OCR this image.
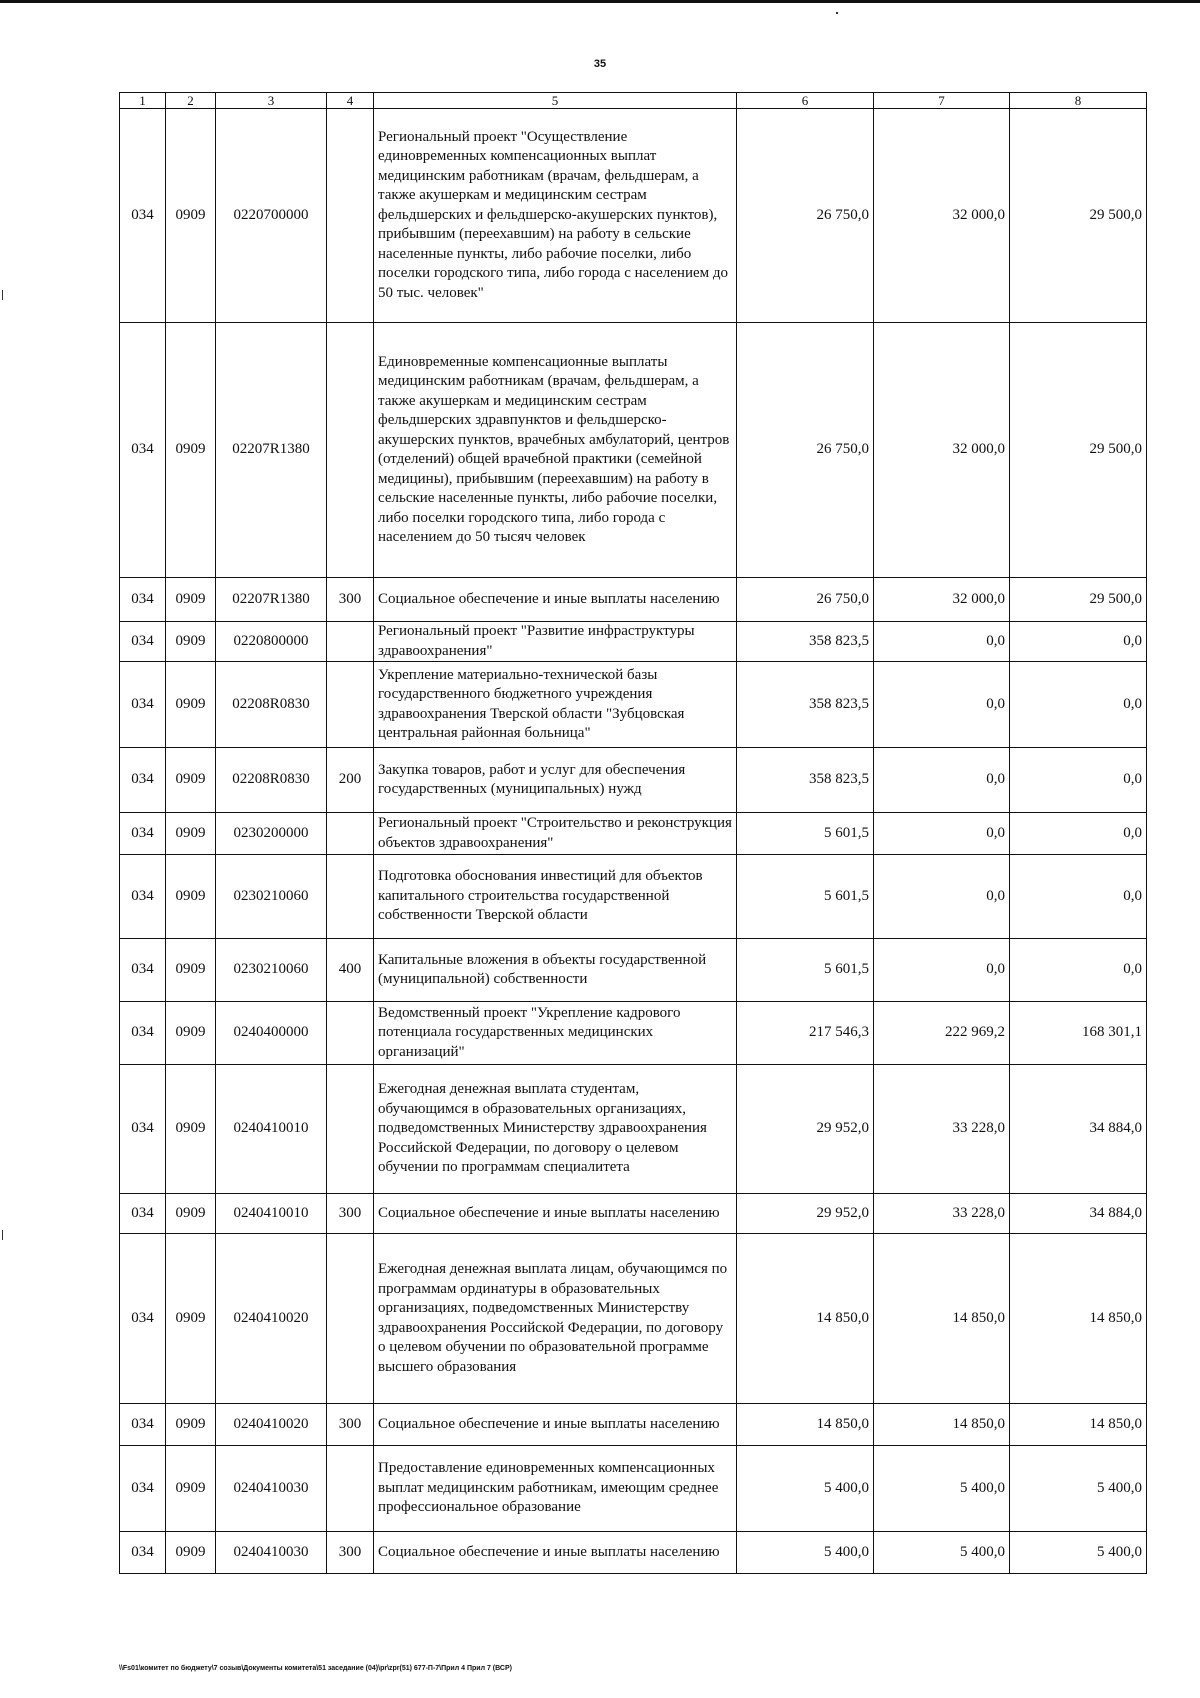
35
1	2	3	4	5	6	7	8
034	0909	0220700000		Региональный проект "Осуществление единовременных компенсационных выплат медицинским работникам (врачам, фельдшерам, а также акушеркам и медицинским сестрам фельдшерских и фельдшерско-акушерских пунктов), прибывшим (переехавшим) на работу в сельские населенные пункты, либо рабочие поселки, либо поселки городского типа, либо города с населением до 50 тыс. человек"	26 750,0	32 000,0	29 500,0
034	0909	02207R1380		Единовременные компенсационные выплаты медицинским работникам (врачам, фельдшерам, а также акушеркам и медицинским сестрам фельдшерских здравпунктов и фельдшерско-акушерских пунктов, врачебных амбулаторий, центров (отделений) общей врачебной практики (семейной медицины), прибывшим (переехавшим) на работу в сельские населенные пункты, либо рабочие поселки, либо поселки городского типа, либо города с населением до 50 тысяч человек	26 750,0	32 000,0	29 500,0
034	0909	02207R1380	300	Социальное обеспечение и иные выплаты населению	26 750,0	32 000,0	29 500,0
034	0909	0220800000		Региональный проект "Развитие инфраструктуры здравоохранения"	358 823,5	0,0	0,0
034	0909	02208R0830		Укрепление материально-технической базы государственного бюджетного учреждения здравоохранения Тверской области "Зубцовская центральная районная больница"	358 823,5	0,0	0,0
034	0909	02208R0830	200	Закупка товаров, работ и услуг для обеспечения государственных (муниципальных) нужд	358 823,5	0,0	0,0
034	0909	0230200000		Региональный проект "Строительство и реконструкция объектов здравоохранения"	5 601,5	0,0	0,0
034	0909	0230210060		Подготовка обоснования инвестиций для объектов капитального строительства государственной собственности Тверской области	5 601,5	0,0	0,0
034	0909	0230210060	400	Капитальные вложения в объекты государственной (муниципальной) собственности	5 601,5	0,0	0,0
034	0909	0240400000		Ведомственный проект "Укрепление кадрового потенциала государственных медицинских организаций"	217 546,3	222 969,2	168 301,1
034	0909	0240410010		Ежегодная денежная выплата студентам, обучающимся в образовательных организациях, подведомственных Министерству здравоохранения Российской Федерации, по договору о целевом обучении по программам специалитета	29 952,0	33 228,0	34 884,0
034	0909	0240410010	300	Социальное обеспечение и иные выплаты населению	29 952,0	33 228,0	34 884,0
034	0909	0240410020		Ежегодная денежная выплата лицам, обучающимся по программам ординатуры в образовательных организациях, подведомственных Министерству здравоохранения Российской Федерации, по договору о целевом обучении по образовательной программе высшего образования	14 850,0	14 850,0	14 850,0
034	0909	0240410020	300	Социальное обеспечение и иные выплаты населению	14 850,0	14 850,0	14 850,0
034	0909	0240410030		Предоставление единовременных компенсационных выплат медицинским работникам, имеющим среднее профессиональное образование	5 400,0	5 400,0	5 400,0
034	0909	0240410030	300	Социальное обеспечение и иные выплаты населению	5 400,0	5 400,0	5 400,0
\\Fs01\комитет по бюджету\7 созыв\Документы комитета\51 заседание (04)\pr\zpr(51) 677-П-7\Прил 4 Прил 7 (ВСР)
